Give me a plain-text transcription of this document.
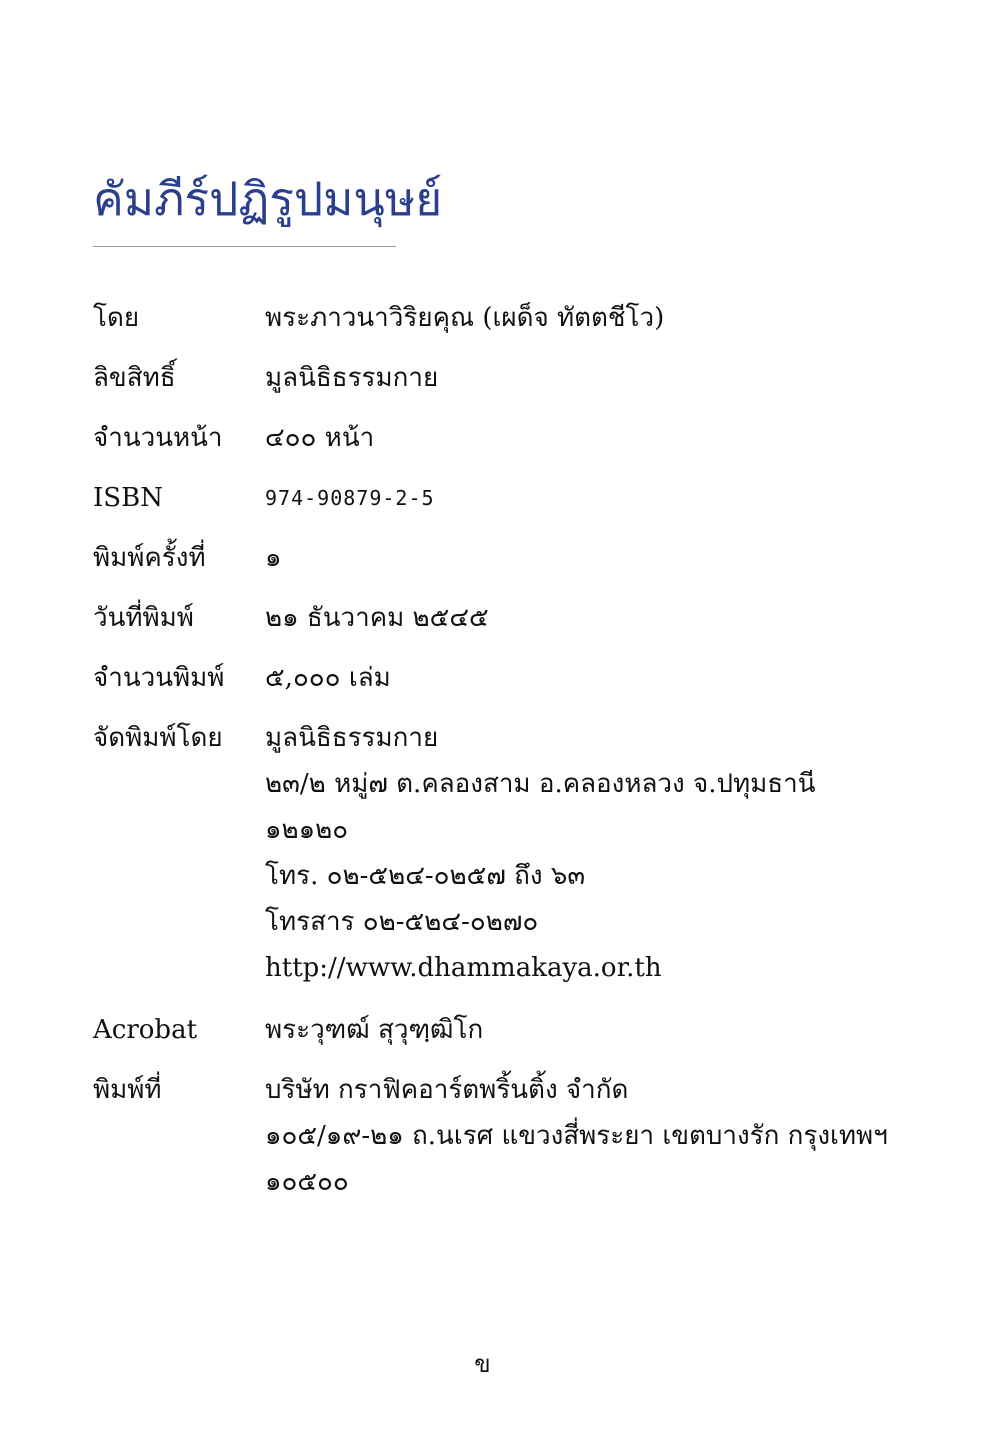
คัมภีร์ปฏิรูปมนุษย์
โดย	พระภาวนาวิริยคุณ (เผด็จ ทัตตชีโว)
ลิขสิทธิ์	มูลนิธิธรรมกาย
จำนวนหน้า	๔๐๐ หน้า
ISBN	974-90879-2-5
พิมพ์ครั้งที่	๑
วันที่พิมพ์	๒๑ ธันวาคม ๒๕๔๕
จำนวนพิมพ์	๕,๐๐๐ เล่ม
จัดพิมพ์โดย	มูลนิธิธรรมกาย
๒๓/๒ หมู่๗ ต.คลองสาม อ.คลองหลวง จ.ปทุมธานี
๑๒๑๒๐
โทร. ๐๒-๕๒๔-๐๒๕๗ ถึง ๖๓
โทรสาร ๐๒-๕๒๔-๐๒๗๐
http://www.dhammakaya.or.th
Acrobat	พระวุฑฒ์ สุวุฑฺฒิโก
พิมพ์ที่	บริษัท กราฟิคอาร์ตพริ้นติ้ง จำกัด
๑๐๕/๑๙-๒๑ ถ.นเรศ แขวงสี่พระยา เขตบางรัก กรุงเทพฯ
๑๐๕๐๐
ข
